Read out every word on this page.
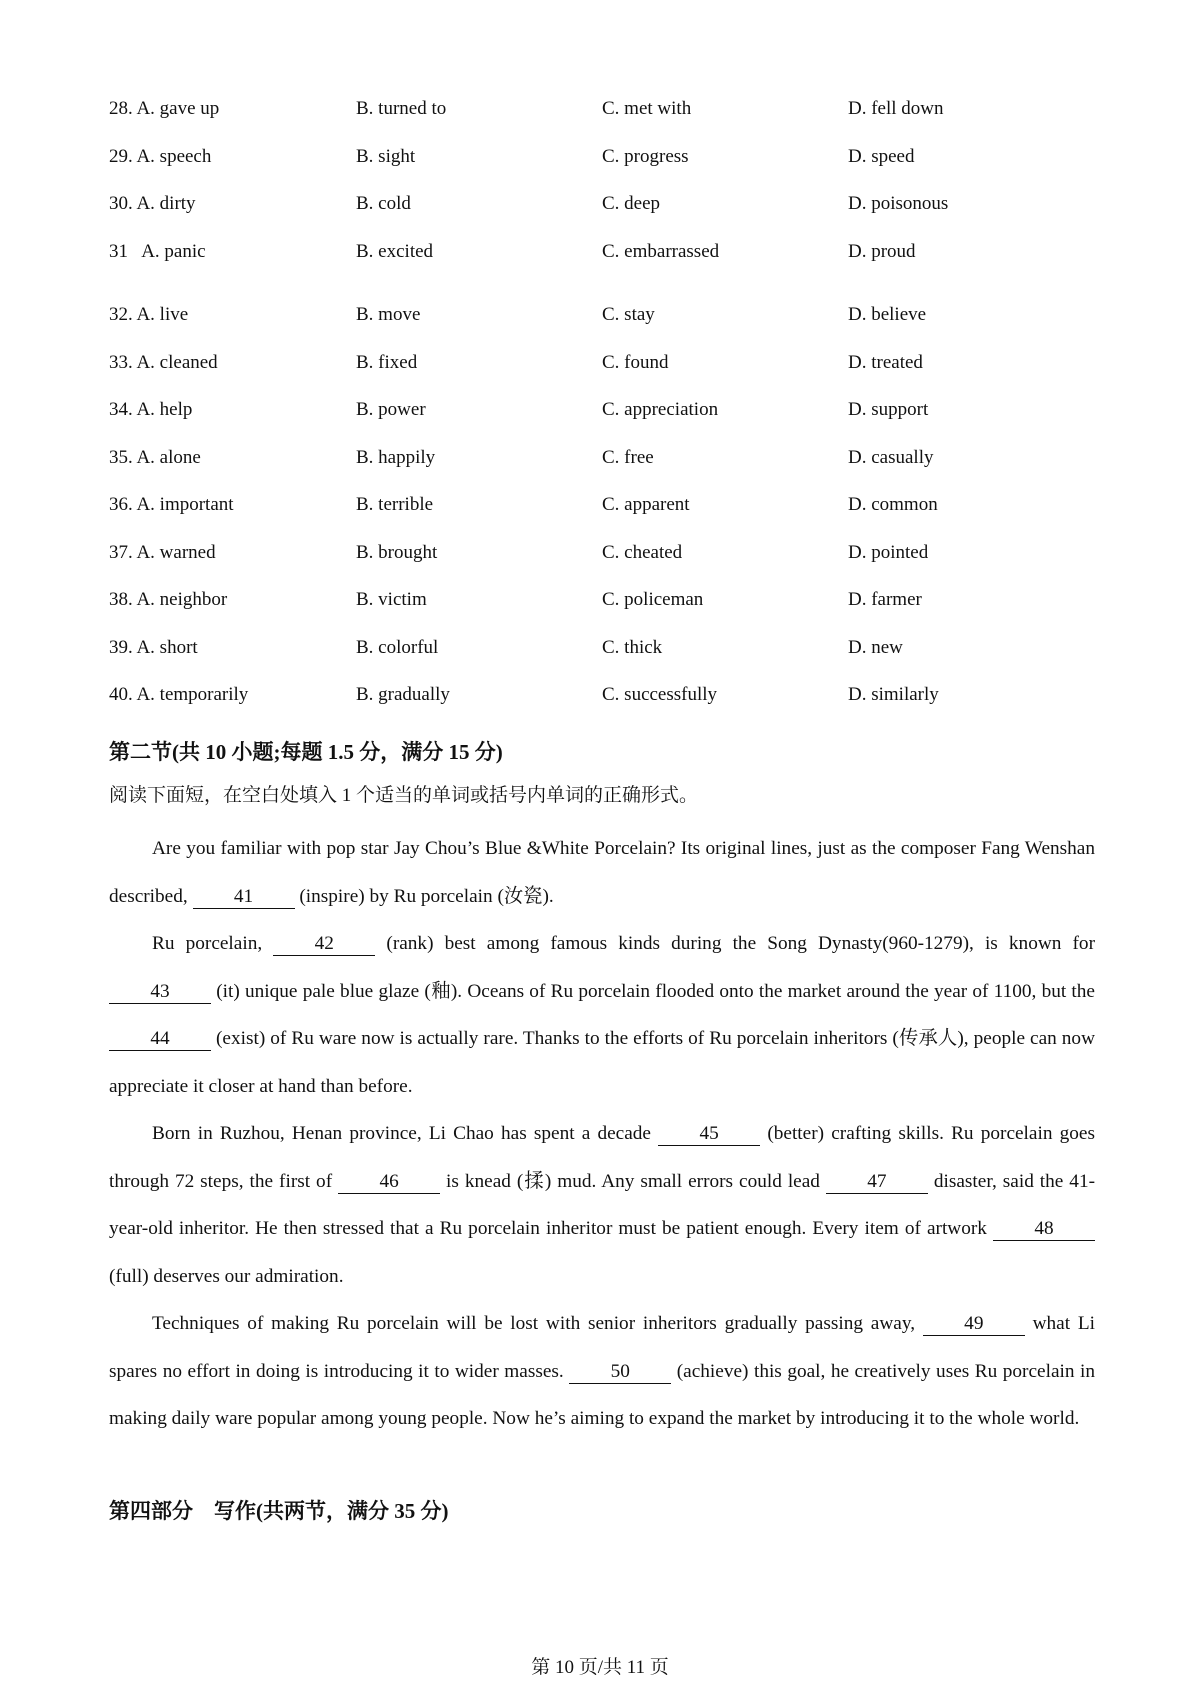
28. A. gave up	B. turned to	C. met with	D. fell down
29. A. speech	B. sight	C. progress	D. speed
30. A. dirty	B. cold	C. deep	D. poisonous
31   A. panic	B. excited	C. embarrassed	D. proud
32. A. live	B. move	C. stay	D. believe
33. A. cleaned	B. fixed	C. found	D. treated
34. A. help	B. power	C. appreciation	D. support
35. A. alone	B. happily	C. free	D. casually
36. A. important	B. terrible	C. apparent	D. common
37. A. warned	B. brought	C. cheated	D. pointed
38. A. neighbor	B. victim	C. policeman	D. farmer
39. A. short	B. colorful	C. thick	D. new
40. A. temporarily	B. gradually	C. successfully	D. similarly
第二节(共 10 小题;每题 1.5 分，满分 15 分)
阅读下面短，在空白处填入 1 个适当的单词或括号内单词的正确形式。

Are you familiar with pop star Jay Chou’s Blue &White Porcelain? Its original lines, just as the composer Fang Wenshan described, 41 (inspire) by Ru porcelain (汝瓷).

Ru porcelain, 42 (rank) best among famous kinds during the Song Dynasty(960-1279), is known for 43 (it) unique pale blue glaze (釉). Oceans of Ru porcelain flooded onto the market around the year of 1100, but the 44 (exist) of Ru ware now is actually rare. Thanks to the efforts of Ru porcelain inheritors (传承人), people can now appreciate it closer at hand than before.

Born in Ruzhou, Henan province, Li Chao has spent a decade 45 (better) crafting skills. Ru porcelain goes through 72 steps, the first of 46 is knead (揉) mud. Any small errors could lead 47 disaster, said the 41-year-old inheritor. He then stressed that a Ru porcelain inheritor must be patient enough. Every item of artwork 48 (full) deserves our admiration.

Techniques of making Ru porcelain will be lost with senior inheritors gradually passing away, 49 what Li spares no effort in doing is introducing it to wider masses. 50 (achieve) this goal, he creatively uses Ru porcelain in making daily ware popular among young people. Now he’s aiming to expand the market by introducing it to the whole world.

第四部分　写作(共两节，满分 35 分)
第 10 页/共 11 页
